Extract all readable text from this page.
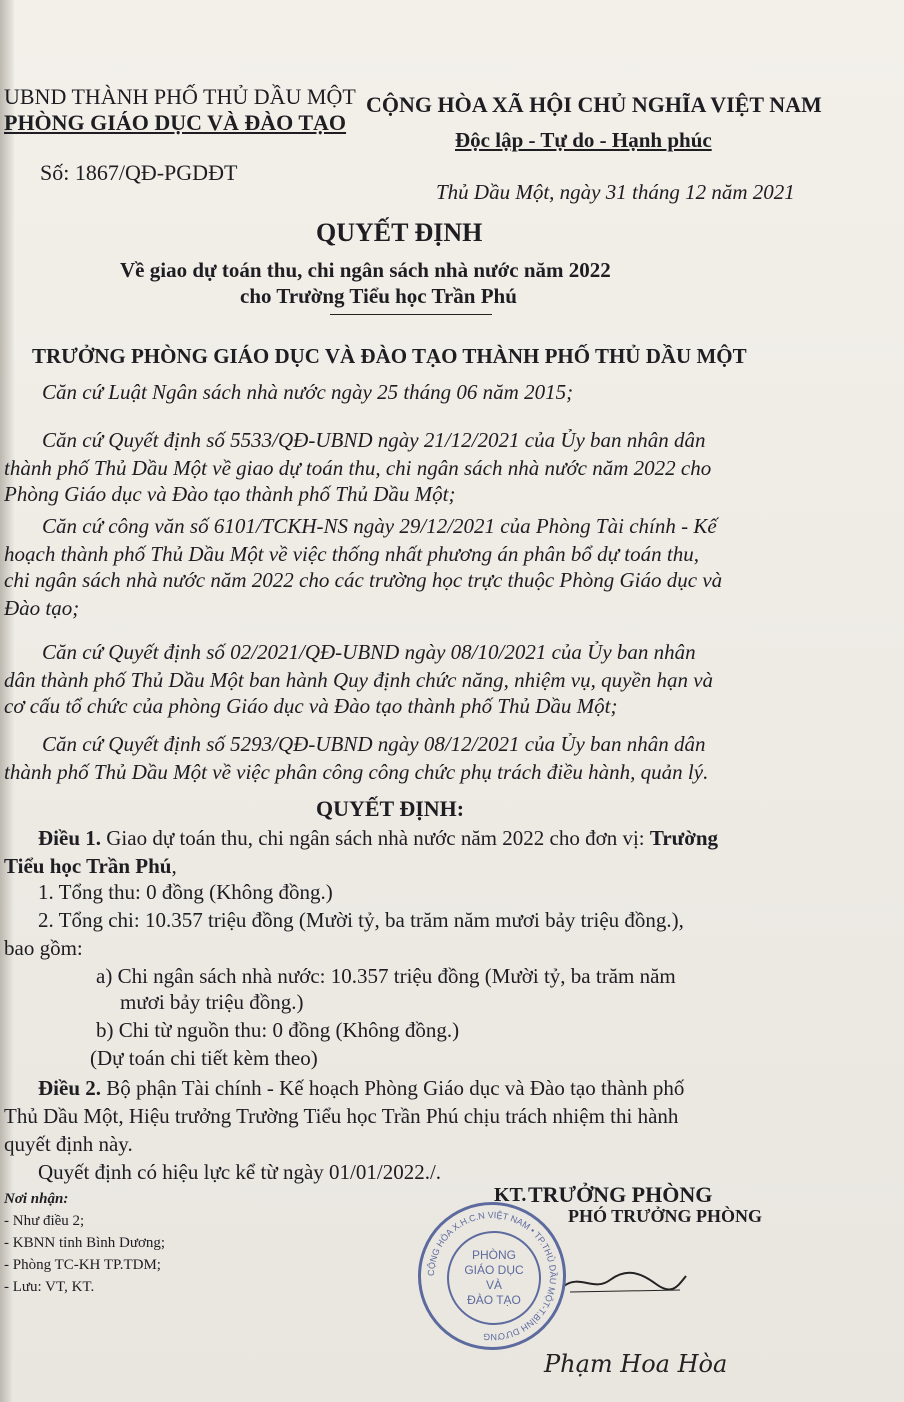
UBND THÀNH PHỐ THỦ DẦU MỘT
PHÒNG GIÁO DỤC VÀ ĐÀO TẠO
CỘNG HÒA XÃ HỘI CHỦ NGHĨA VIỆT NAM
Độc lập - Tự do - Hạnh phúc
Số: 1867/QĐ-PGDĐT
Thủ Dầu Một, ngày 31 tháng 12 năm 2021
QUYẾT ĐỊNH
Về giao dự toán thu, chi ngân sách nhà nước năm 2022
cho Trường Tiểu học Trần Phú
TRƯỞNG PHÒNG GIÁO DỤC VÀ ĐÀO TẠO THÀNH PHỐ THỦ DẦU MỘT
Căn cứ Luật Ngân sách nhà nước ngày 25 tháng 06 năm 2015;
Căn cứ Quyết định số 5533/QĐ-UBND ngày 21/12/2021 của Ủy ban nhân dân
thành phố Thủ Dầu Một về giao dự toán thu, chi ngân sách nhà nước năm 2022 cho
Phòng Giáo dục và Đào tạo thành phố Thủ Dầu Một;
Căn cứ công văn số 6101/TCKH-NS ngày 29/12/2021 của Phòng Tài chính - Kế
hoạch thành phố Thủ Dầu Một về việc thống nhất phương án phân bổ dự toán thu,
chi ngân sách nhà nước năm 2022 cho các trường học trực thuộc Phòng Giáo dục và
Đào tạo;
Căn cứ Quyết định số 02/2021/QĐ-UBND ngày 08/10/2021 của Ủy ban nhân
dân thành phố Thủ Dầu Một ban hành Quy định chức năng, nhiệm vụ, quyền hạn và
cơ cấu tổ chức của phòng Giáo dục và Đào tạo thành phố Thủ Dầu Một;
Căn cứ Quyết định số 5293/QĐ-UBND ngày 08/12/2021 của Ủy ban nhân dân
thành phố Thủ Dầu Một về việc phân công công chức phụ trách điều hành, quản lý.
QUYẾT ĐỊNH:
Điều 1. Giao dự toán thu, chi ngân sách nhà nước năm 2022 cho đơn vị: Trường
Tiểu học Trần Phú,
1. Tổng thu: 0 đồng (Không đồng.)
2. Tổng chi: 10.357 triệu đồng (Mười tỷ, ba trăm năm mươi bảy triệu đồng.),
bao gồm:
a) Chi ngân sách nhà nước: 10.357 triệu đồng (Mười tỷ, ba trăm năm
mươi bảy triệu đồng.)
b) Chi từ nguồn thu: 0 đồng (Không đồng.)
(Dự toán chi tiết kèm theo)
Điều 2. Bộ phận Tài chính - Kế hoạch Phòng Giáo dục và Đào tạo thành phố
Thủ Dầu Một, Hiệu trưởng Trường Tiểu học Trần Phú chịu trách nhiệm thi hành
quyết định này.
Quyết định có hiệu lực kể từ ngày 01/01/2022./.
Nơi nhận:
- Như điều 2;
- KBNN tỉnh Bình Dương;
- Phòng TC-KH TP.TDM;
- Lưu: VT, KT.
KT. TRƯỞNG PHÒNG
PHÓ TRƯỞNG PHÒNG
Phạm Hoa Hòa
CỘNG HÒA X.H.C.N VIỆT NAM • TP.THỦ DẦU MỘT-T.BÌNH DƯƠNG
PHÒNG
GIÁO DỤC
VÀ
ĐÀO TẠO
